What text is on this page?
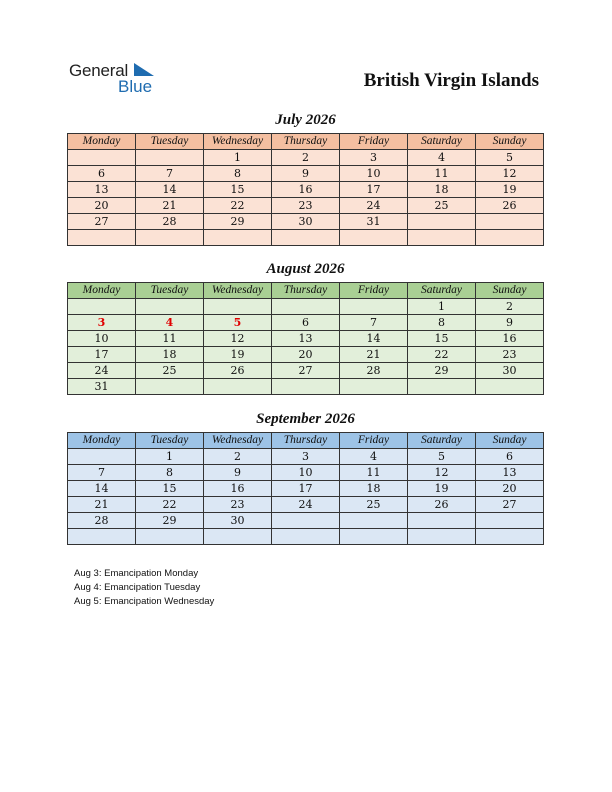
General
Blue	British Virgin Islands
July 2026
Monday	Tuesday	Wednesday	Thursday	Friday	Saturday	Sunday
		1	2	3	4	5
6	7	8	9	10	11	12
13	14	15	16	17	18	19
20	21	22	23	24	25	26
27	28	29	30	31		

August 2026
Monday	Tuesday	Wednesday	Thursday	Friday	Saturday	Sunday
					1	2
3	4	5	6	7	8	9
10	11	12	13	14	15	16
17	18	19	20	21	22	23
24	25	26	27	28	29	30
31						
September 2026
Monday	Tuesday	Wednesday	Thursday	Friday	Saturday	Sunday
	1	2	3	4	5	6
7	8	9	10	11	12	13
14	15	16	17	18	19	20
21	22	23	24	25	26	27
28	29	30				

Aug 3: Emancipation Monday
Aug 4: Emancipation Tuesday
Aug 5: Emancipation Wednesday
